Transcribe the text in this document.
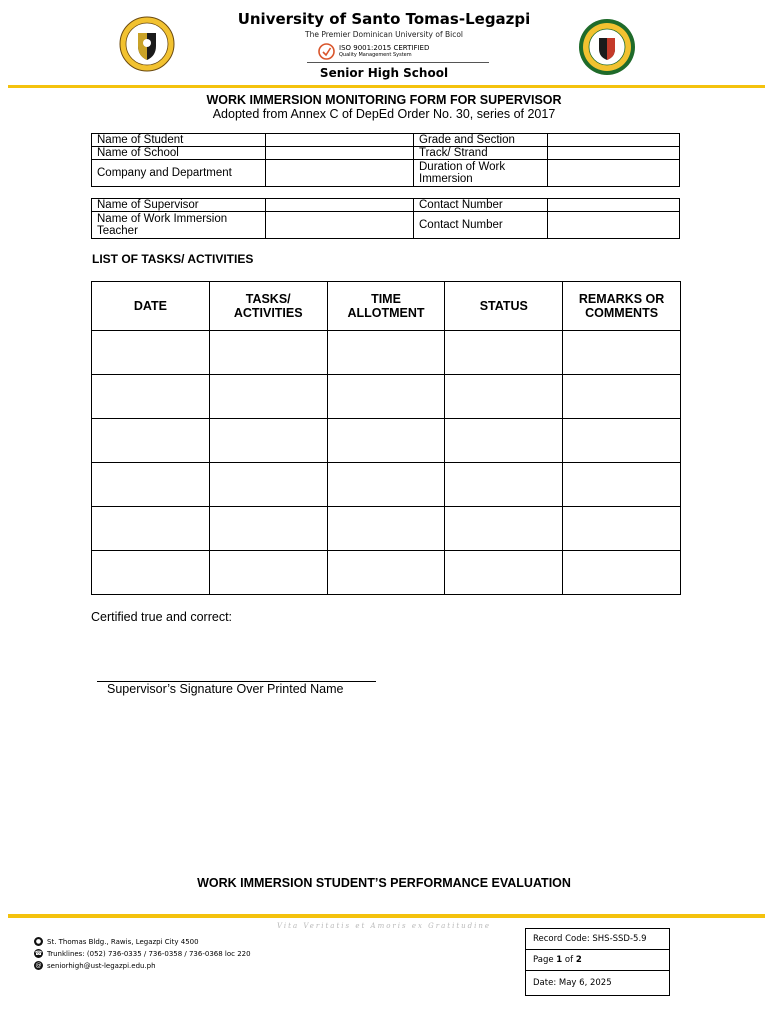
University of Santo Tomas-Legazpi
The Premier Dominican University of Bicol
ISO 9001:2015 CERTIFIED
Quality Management System
Senior High School
WORK IMMERSION MONITORING FORM FOR SUPERVISOR
Adopted from Annex C of DepEd Order No. 30, series of 2017
Name of Student		Grade and Section	
Name of School		Track/ Strand	
Company and Department		Duration of Work Immersion	
Name of Supervisor		Contact Number	
Name of Work Immersion Teacher		Contact Number	
LIST OF TASKS/ ACTIVITIES
DATE	TASKS/ ACTIVITIES	TIME ALLOTMENT	STATUS	REMARKS OR COMMENTS

Certified true and correct:
Supervisor’s Signature Over Printed Name
WORK IMMERSION STUDENT’S PERFORMANCE EVALUATION
Vita Veritatis et Amoris ex Gratitudine
● St. Thomas Bldg., Rawis, Legazpi City 4500
☎ Trunklines: (052) 736-0335 / 736-0358 / 736-0368 loc 220
@ seniorhigh@ust-legazpi.edu.ph
Record Code: SHS-SSD-5.9
Page 1 of 2
Date: May 6, 2025
